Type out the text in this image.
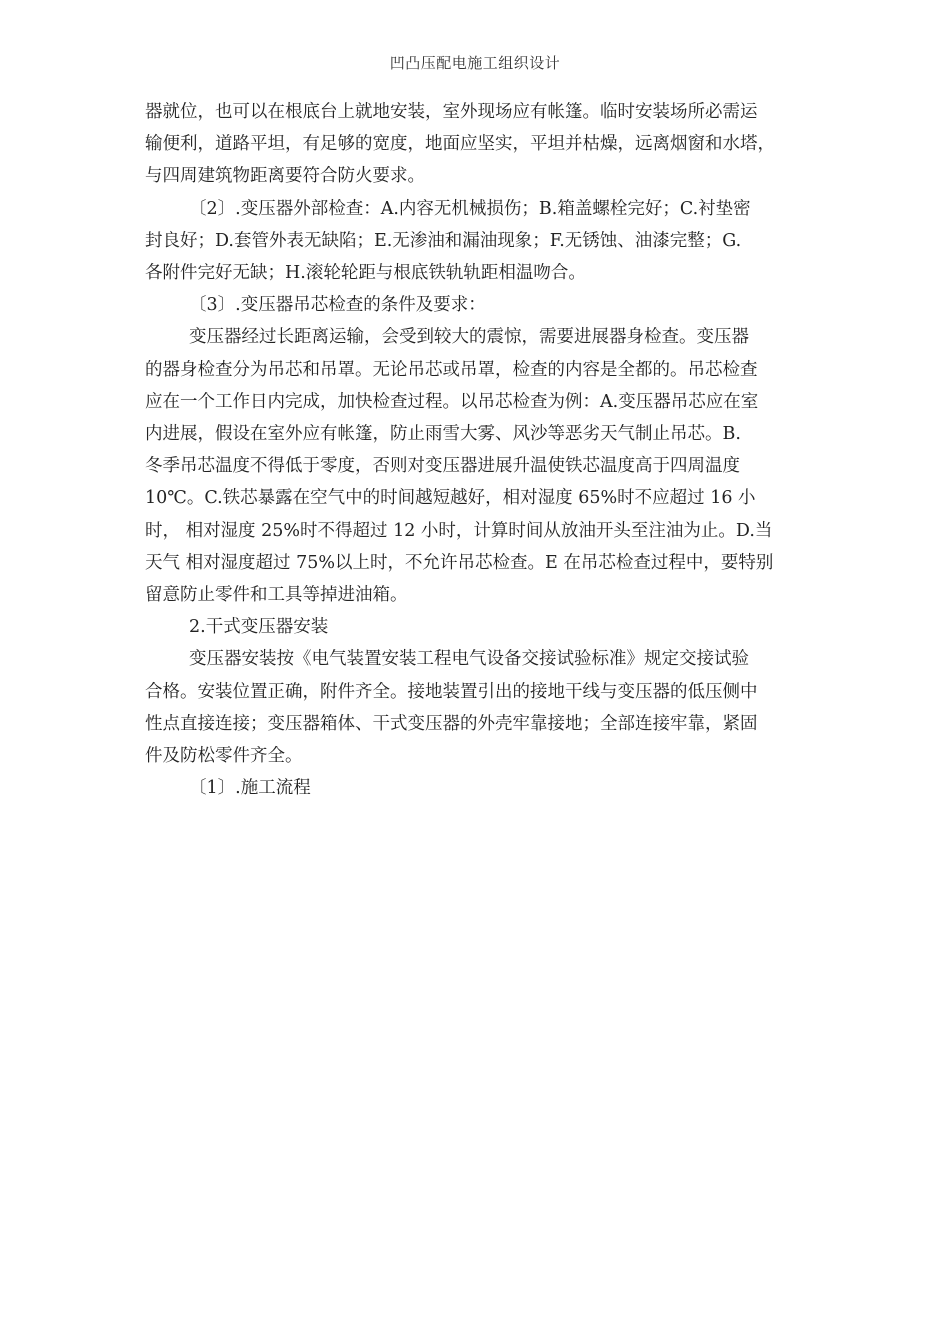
凹凸压配电施工组织设计
器就位，也可以在根底台上就地安装，室外现场应有帐篷。临时安装场所必需运
输便利，道路平坦，有足够的宽度，地面应坚实，平坦并枯燥，远离烟窗和水塔，
与四周建筑物距离要符合防火要求。
〔2〕.变压器外部检查：A.内容无机械损伤；B.箱盖螺栓完好；C.衬垫密
封良好；D.套管外表无缺陷；E.无渗油和漏油现象；F.无锈蚀、油漆完整；G.
各附件完好无缺；H.滚轮轮距与根底铁轨轨距相温吻合。
〔3〕.变压器吊芯检查的条件及要求：
变压器经过长距离运输，会受到较大的震惊，需要进展器身检查。变压器
的器身检查分为吊芯和吊罩。无论吊芯或吊罩，检查的内容是全都的。吊芯检查
应在一个工作日内完成，加快检查过程。以吊芯检查为例：A.变压器吊芯应在室
内进展，假设在室外应有帐篷，防止雨雪大雾、风沙等恶劣天气制止吊芯。B.
冬季吊芯温度不得低于零度，否则对变压器进展升温使铁芯温度高于四周温度
10℃。C.铁芯暴露在空气中的时间越短越好，相对湿度 65%时不应超过 16 小
时， 相对湿度 25%时不得超过 12 小时，计算时间从放油开头至注油为止。D.当
天气 相对湿度超过 75%以上时，不允许吊芯检查。E 在吊芯检查过程中，要特别
留意防止零件和工具等掉进油箱。
2.干式变压器安装
变压器安装按《电气装置安装工程电气设备交接试验标准》规定交接试验
合格。安装位置正确，附件齐全。接地装置引出的接地干线与变压器的低压侧中
性点直接连接；变压器箱体、干式变压器的外壳牢靠接地；全部连接牢靠，紧固
件及防松零件齐全。
〔1〕.施工流程
